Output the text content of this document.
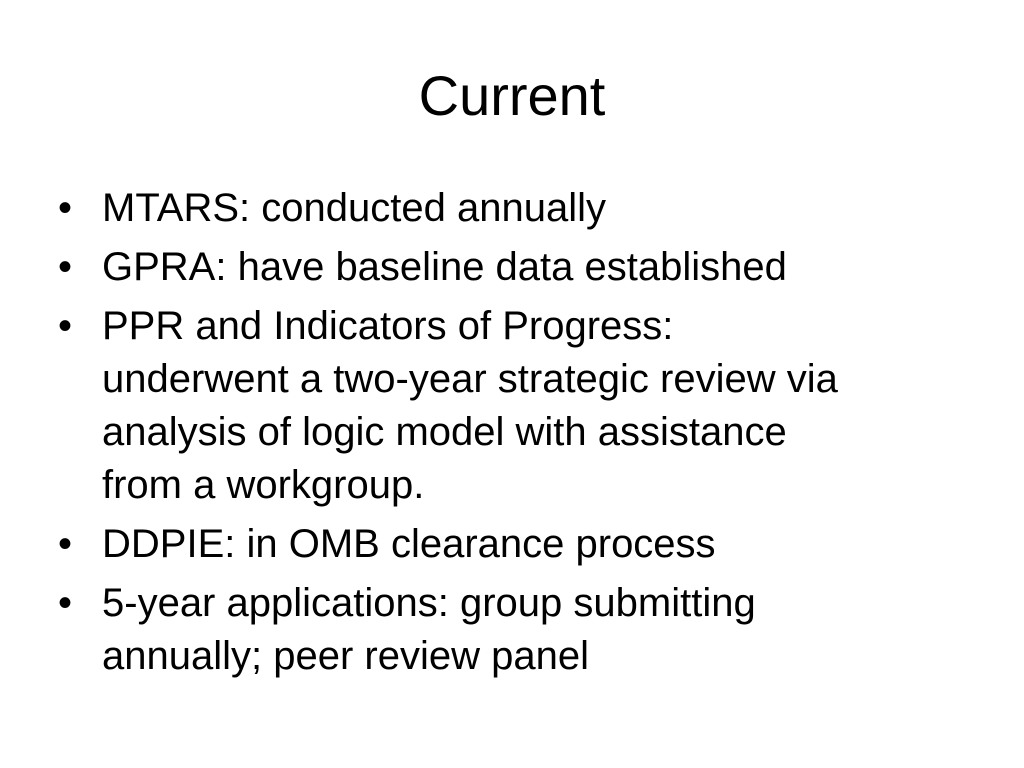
Current
• MTARS: conducted annually
• GPRA: have baseline data established
• PPR and Indicators of Progress:
underwent a two-year strategic review via
analysis of logic model with assistance
from a workgroup.
• DDPIE: in OMB clearance process
• 5-year applications: group submitting
annually; peer review panel
